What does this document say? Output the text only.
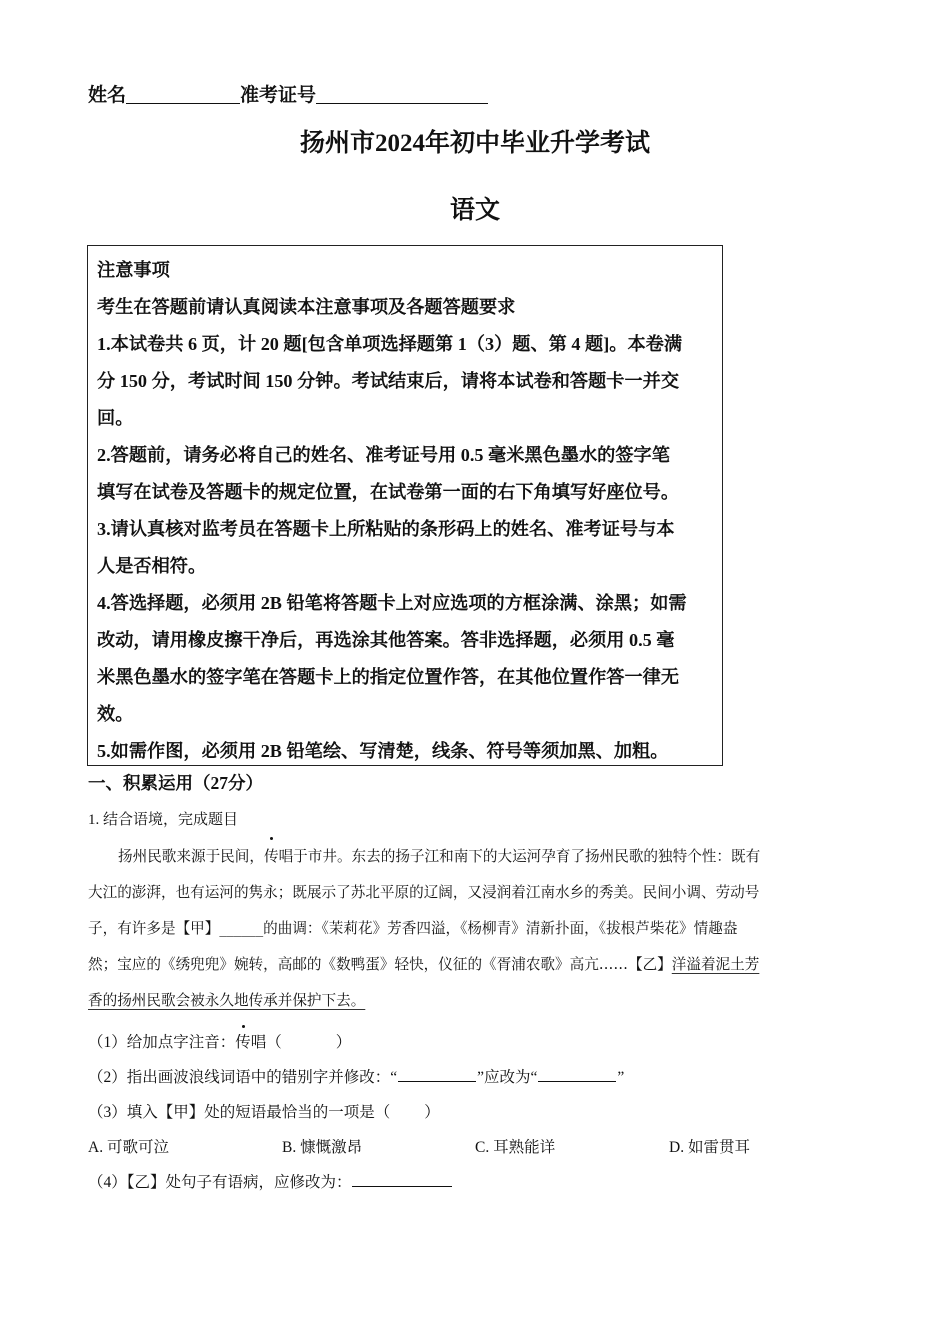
姓名	准考证号
扬州市2024年初中毕业升学考试
语文
注意事项
考生在答题前请认真阅读本注意事项及各题答题要求
1.本试卷共 6 页，计 20 题[包含单项选择题第 1（3）题、第 4 题]。本卷满
分 150 分，考试时间 150 分钟。考试结束后，请将本试卷和答题卡一并交
回。
2.答题前，请务必将自己的姓名、准考证号用 0.5 毫米黑色墨水的签字笔
填写在试卷及答题卡的规定位置，在试卷第一面的右下角填写好座位号。
3.请认真核对监考员在答题卡上所粘贴的条形码上的姓名、准考证号与本
人是否相符。
4.答选择题，必须用 2B 铅笔将答题卡上对应选项的方框涂满、涂黑；如需
改动，请用橡皮擦干净后，再选涂其他答案。答非选择题，必须用 0.5 毫
米黑色墨水的签字笔在答题卡上的指定位置作答，在其他位置作答一律无
效。
5.如需作图，必须用 2B 铅笔绘、写清楚，线条、符号等须加黑、加粗。
一、积累运用（27分）
1. 结合语境，完成题目
扬州民歌来源于民间，传唱于市井。东去的扬子江和南下的大运河孕育了扬州民歌的独特个性：既有
大江的澎湃，也有运河的隽永；既展示了苏北平原的辽阔，又浸润着江南水乡的秀美。民间小调、劳动号
子，有许多是【甲】______的曲调：《茉莉花》芳香四溢，《杨柳青》清新扑面，《拔根芦柴花》情趣盎
然；宝应的《绣兜兜》婉转，高邮的《数鸭蛋》轻快，仪征的《胥浦农歌》高亢……【乙】洋溢着泥土芳
香的扬州民歌会被永久地传承并保护下去。
（1）给加点字注音：传唱（	）
（2）指出画波浪线词语中的错别字并修改：“	”应改为“	”
（3）填入【甲】处的短语最恰当的一项是（ ）
A. 可歌可泣	B. 慷慨激昂	C. 耳熟能详	D. 如雷贯耳
（4）【乙】处句子有语病，应修改为：
